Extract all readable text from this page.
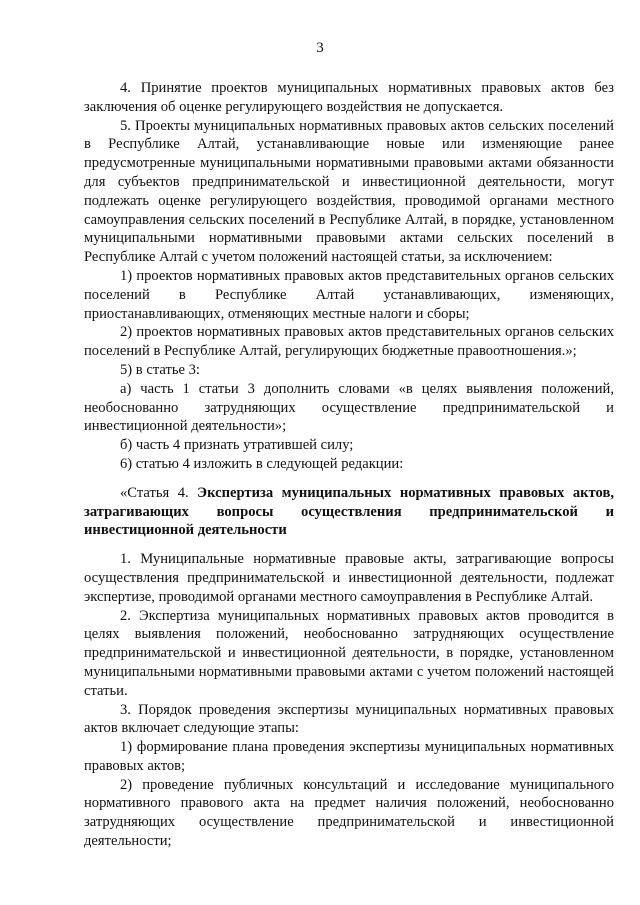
3

4. Принятие проектов муниципальных нормативных правовых актов без заключения об оценке регулирующего воздействия не допускается.

5. Проекты муниципальных нормативных правовых актов сельских поселений в Республике Алтай, устанавливающие новые или изменяющие ранее предусмотренные муниципальными нормативными правовыми актами обязанности для субъектов предпринимательской и инвестиционной деятельности, могут подлежать оценке регулирующего воздействия, проводимой органами местного самоуправления сельских поселений в Республике Алтай, в порядке, установленном муниципальными нормативными правовыми актами сельских поселений в Республике Алтай с учетом положений настоящей статьи, за исключением:

1) проектов нормативных правовых актов представительных органов сельских поселений в Республике Алтай устанавливающих, изменяющих, приостанавливающих, отменяющих местные налоги и сборы;

2) проектов нормативных правовых актов представительных органов сельских поселений в Республике Алтай, регулирующих бюджетные правоотношения.»;

5) в статье 3:

а) часть 1 статьи 3 дополнить словами «в целях выявления положений, необоснованно затрудняющих осуществление предпринимательской и инвестиционной деятельности»;

б) часть 4 признать утратившей силу;

6) статью 4 изложить в следующей редакции:

«Статья 4. Экспертиза муниципальных нормативных правовых актов, затрагивающих вопросы осуществления предпринимательской и инвестиционной деятельности

1. Муниципальные нормативные правовые акты, затрагивающие вопросы осуществления предпринимательской и инвестиционной деятельности, подлежат экспертизе, проводимой органами местного самоуправления в Республике Алтай.

2. Экспертиза муниципальных нормативных правовых актов проводится в целях выявления положений, необоснованно затрудняющих осуществление предпринимательской и инвестиционной деятельности, в порядке, установленном муниципальными нормативными правовыми актами с учетом положений настоящей статьи.

3. Порядок проведения экспертизы муниципальных нормативных правовых актов включает следующие этапы:

1) формирование плана проведения экспертизы муниципальных нормативных правовых актов;

2) проведение публичных консультаций и исследование муниципального нормативного правового акта на предмет наличия положений, необоснованно затрудняющих осуществление предпринимательской и инвестиционной деятельности;
